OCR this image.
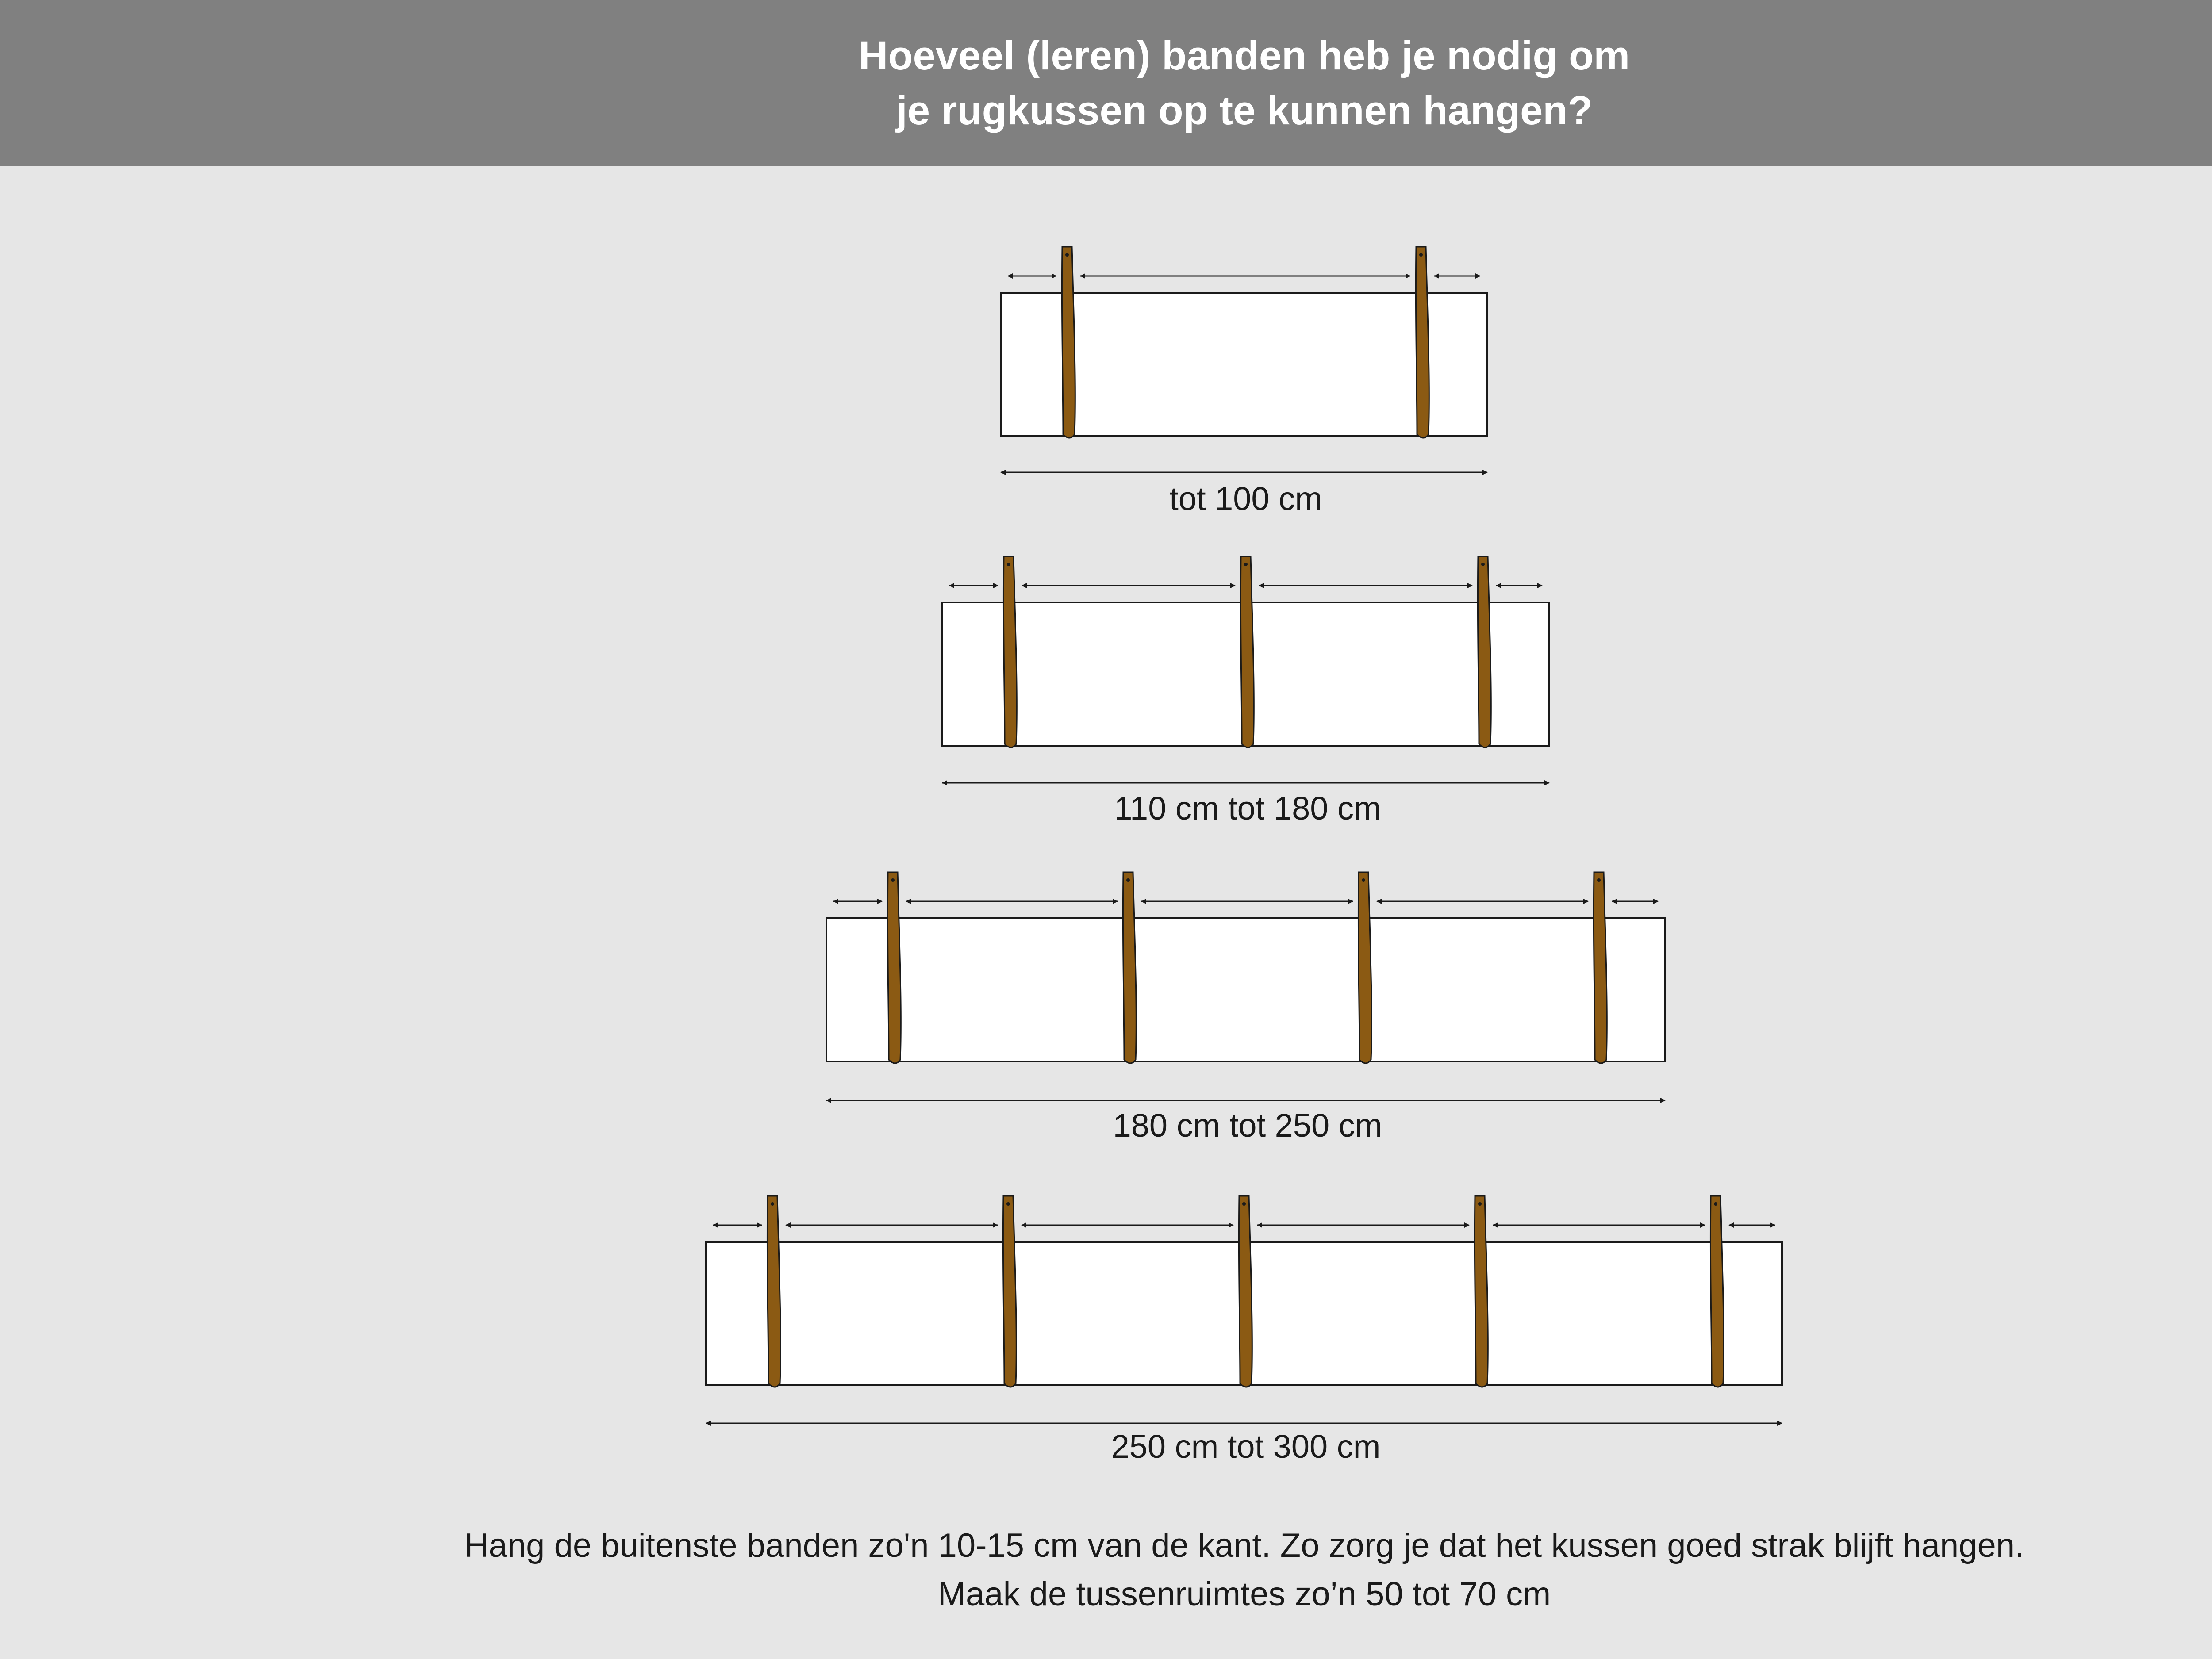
Hoeveel (leren) banden heb je nodig om
je rugkussen op te kunnen hangen?
tot 100 cm
110 cm tot 180 cm
180 cm tot 250 cm
250 cm tot 300 cm
Hang de buitenste banden zo'n 10-15 cm van de kant. Zo zorg je dat het kussen goed strak blijft hangen.
Maak de tussenruimtes zo’n 50 tot 70 cm
